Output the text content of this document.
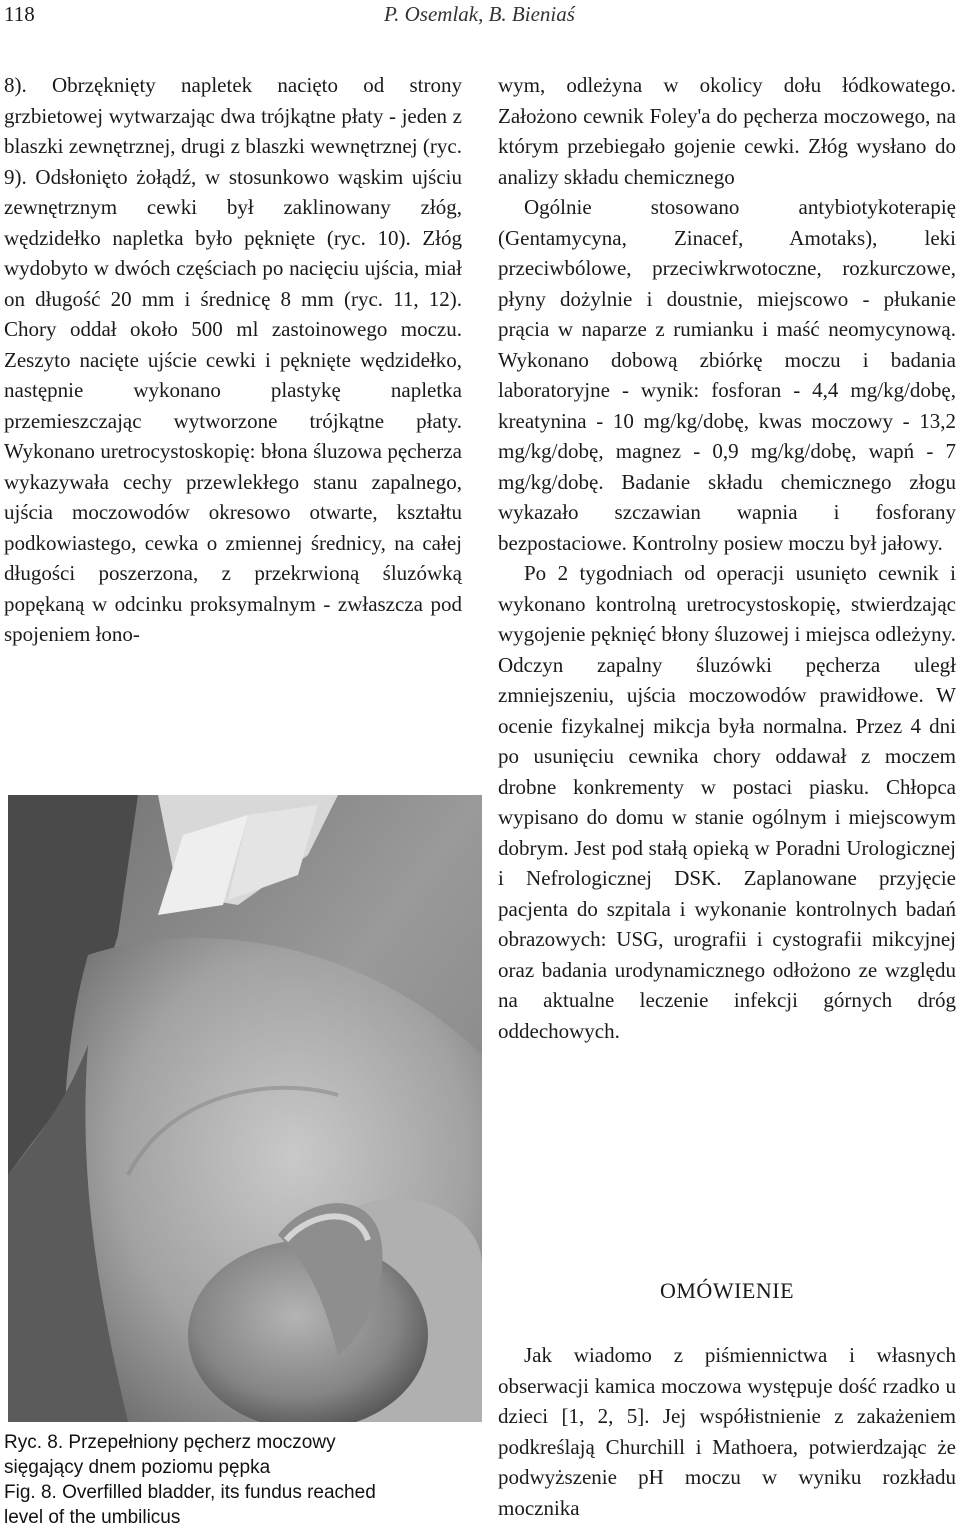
118	P. Osemlak, B. Bieniaś

8). Obrzęknięty napletek nacięto od strony grzbietowej wytwarzając dwa trójkątne płaty - jeden z blaszki zewnętrznej, drugi z blaszki wewnętrznej (ryc. 9). Odsłonięto żołądź, w stosunkowo wąskim ujściu zewnętrznym cewki był zaklinowany złóg, wędzidełko napletka było pęknięte (ryc. 10). Złóg wydobyto w dwóch częściach po nacięciu ujścia, miał on długość 20 mm i średnicę 8 mm (ryc. 11, 12). Chory oddał około 500 ml zastoinowego moczu. Zeszyto nacięte ujście cewki i pęknięte wędzidełko, następnie wykonano plastykę napletka przemieszczając wytworzone trójkątne płaty. Wykonano uretrocystoskopię: błona śluzowa pęcherza wykazywała cechy przewlekłego stanu zapalnego, ujścia moczowodów okresowo otwarte, kształtu podkowiastego, cewka o zmiennej średnicy, na całej długości poszerzona, z przekrwioną śluzówką popękaną w odcinku proksymalnym - zwłaszcza pod spojeniem łono-

Ryc. 8. Przepełniony pęcherz moczowy
sięgający dnem poziomu pępka
Fig. 8. Overfilled bladder, its fundus reached
level of the umbilicus

wym, odleżyna w okolicy dołu łódkowatego. Założono cewnik Foley'a do pęcherza moczowego, na którym przebiegało gojenie cewki. Złóg wysłano do analizy składu chemicznego

Ogólnie stosowano antybiotykoterapię (Gentamycyna, Zinacef, Amotaks), leki przeciwbólowe, przeciwkrwotoczne, rozkurczowe, płyny dożylnie i doustnie, miejscowo - płukanie prącia w naparze z rumianku i maść neomycynową. Wykonano dobową zbiórkę moczu i badania laboratoryjne - wynik: fosforan - 4,4 mg/kg/dobę, kreatynina - 10 mg/kg/dobę, kwas moczowy - 13,2 mg/kg/dobę, magnez - 0,9 mg/kg/dobę, wapń - 7 mg/kg/dobę. Badanie składu chemicznego złogu wykazało szczawian wapnia i fosforany bezpostaciowe. Kontrolny posiew moczu był jałowy.

Po 2 tygodniach od operacji usunięto cewnik i wykonano kontrolną uretrocystoskopię, stwierdzając wygojenie pęknięć błony śluzowej i miejsca odleżyny. Odczyn zapalny śluzówki pęcherza uległ zmniejszeniu, ujścia moczowodów prawidłowe. W ocenie fizykalnej mikcja była normalna. Przez 4 dni po usunięciu cewnika chory oddawał z moczem drobne konkrementy w postaci piasku. Chłopca wypisano do domu w stanie ogólnym i miejscowym dobrym. Jest pod stałą opieką w Poradni Urologicznej i Nefrologicznej DSK. Zaplanowane przyjęcie pacjenta do szpitala i wykonanie kontrolnych badań obrazowych: USG, urografii i cystografii mikcyjnej oraz badania urodynamicznego odłożono ze względu na aktualne leczenie infekcji górnych dróg oddechowych.

OMÓWIENIE

Jak wiadomo z piśmiennictwa i własnych obserwacji kamica moczowa występuje dość rzadko u dzieci [1, 2, 5]. Jej współistnienie z zakażeniem podkreślają Churchill i Mathoera, potwierdzając że podwyższenie pH moczu w wyniku rozkładu mocznika
